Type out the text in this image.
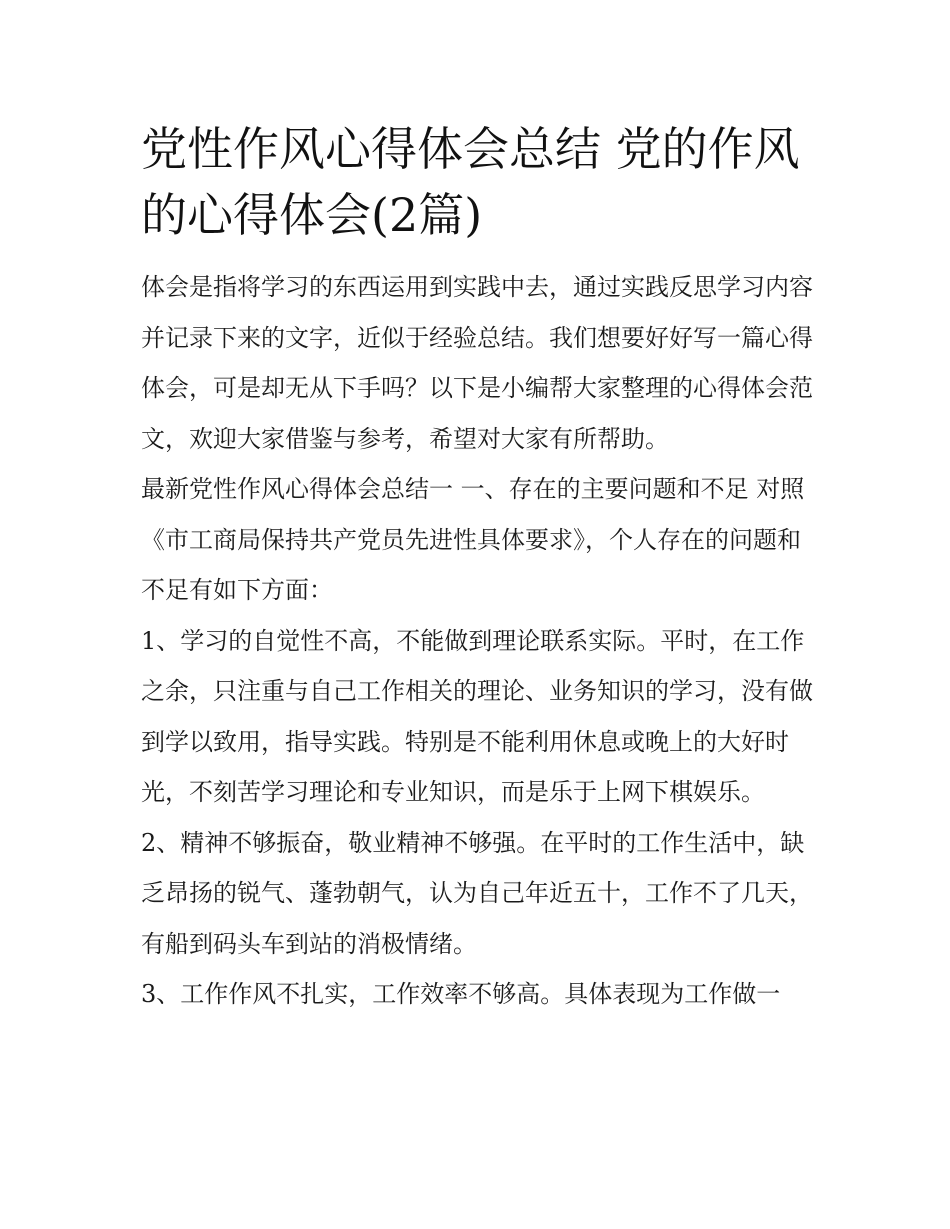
党性作风心得体会总结 党的作风的心得体会(2篇)

体会是指将学习的东西运用到实践中去，通过实践反思学习内容并记录下来的文字，近似于经验总结。我们想要好好写一篇心得体会，可是却无从下手吗？以下是小编帮大家整理的心得体会范文，欢迎大家借鉴与参考，希望对大家有所帮助。

最新党性作风心得体会总结一 一、存在的主要问题和不足 对照《市工商局保持共产党员先进性具体要求》，个人存在的问题和不足有如下方面：

1、学习的自觉性不高，不能做到理论联系实际。平时，在工作之余，只注重与自己工作相关的理论、业务知识的学习，没有做到学以致用，指导实践。特别是不能利用休息或晚上的大好时光，不刻苦学习理论和专业知识，而是乐于上网下棋娱乐。

2、精神不够振奋，敬业精神不够强。在平时的工作生活中，缺乏昂扬的锐气、蓬勃朝气，认为自己年近五十，工作不了几天，有船到码头车到站的消极情绪。

3、工作作风不扎实，工作效率不够高。具体表现为工作做一
